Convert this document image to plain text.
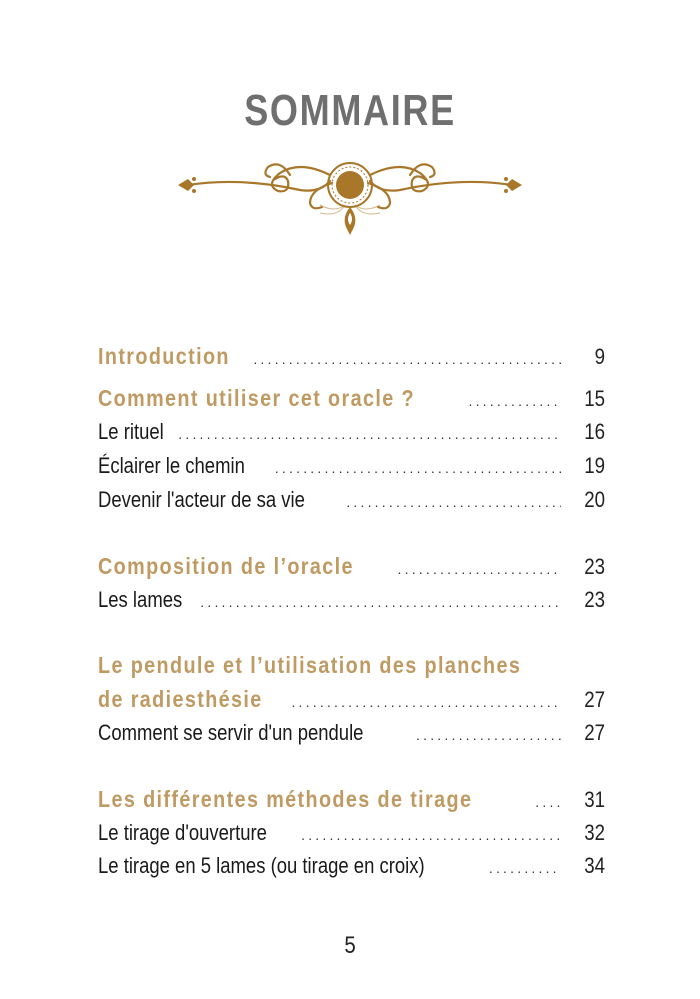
SOMMAIRE
Introduction .....	9
Comment utiliser cet oracle ? .....	15
Le rituel .....	16
Éclairer le chemin .....	19
Devenir l'acteur de sa vie .....	20
Composition de l’oracle .....	23
Les lames .....	23
Le pendule et l’utilisation des planches
de radiesthésie .....	27
Comment se servir d'un pendule .....	27
Les différentes méthodes de tirage .....	31
Le tirage d'ouverture .....	32
Le tirage en 5 lames (ou tirage en croix) .....	34
5
